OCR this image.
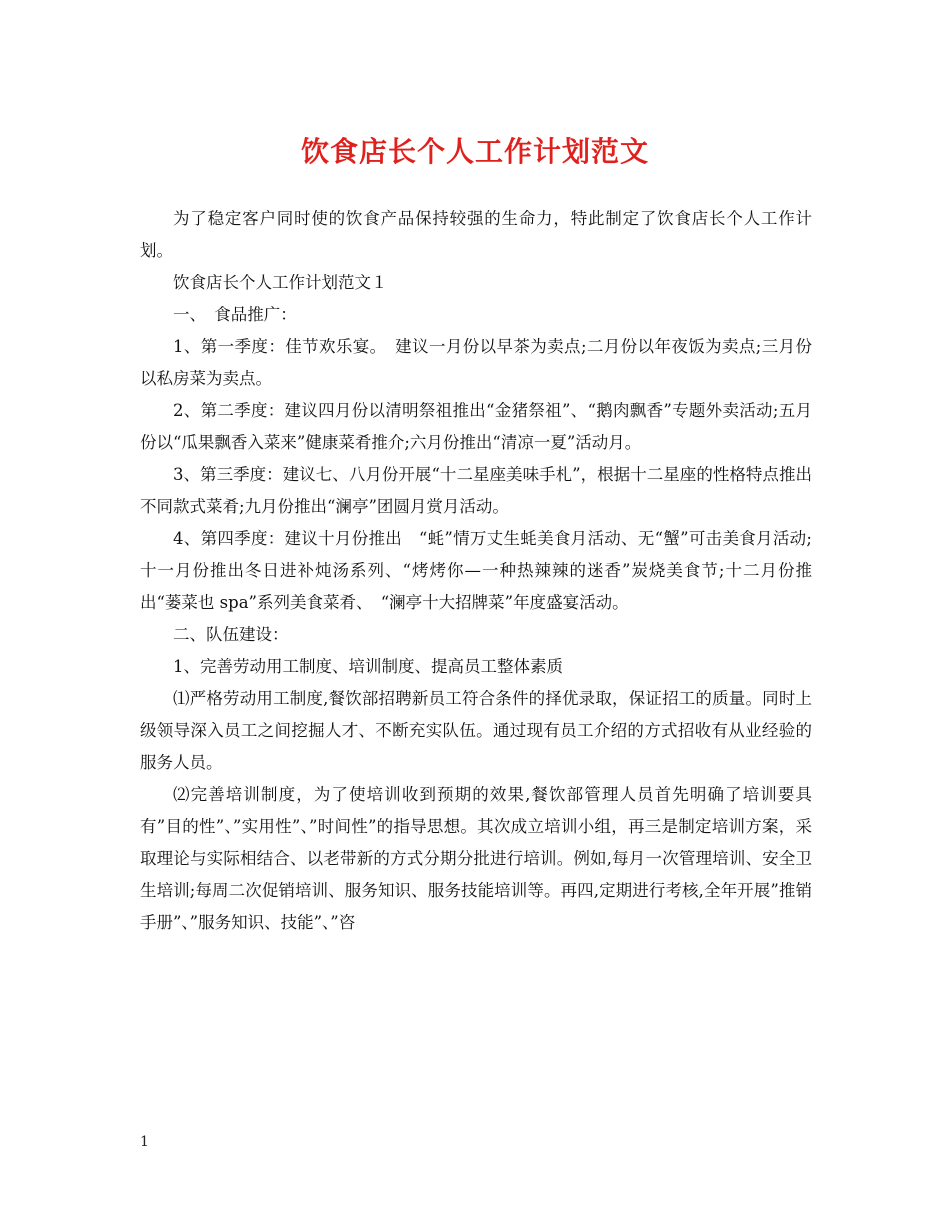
饮食店长个人工作计划范文

为了稳定客户同时使的饮食产品保持较强的生命力，特此制定了饮食店长个人工作计划。

饮食店长个人工作计划范文１

一、　食品推广：

1、第一季度：佳节欢乐宴。　建议一月份以早茶为卖点;二月份以年夜饭为卖点;三月份以私房菜为卖点。

2、第二季度：建议四月份以清明祭祖推出“金猪祭祖”、“鹅肉飘香”专题外卖活动;五月份以“瓜果飘香入菜来”健康菜肴推介;六月份推出“清凉一夏”活动月。

3、第三季度：建议七、八月份开展“十二星座美味手札”，根据十二星座的性格特点推出不同款式菜肴;九月份推出“澜亭”团圆月赏月活动。

4、第四季度：建议十月份推出　“蚝”情万丈生蚝美食月活动、无“蟹”可击美食月活动;十一月份推出冬日进补炖汤系列、“烤烤你—一种热辣辣的迷香”炭烧美食节;十二月份推出“蒌菜也 spa”系列美食菜肴、　“澜亭十大招牌菜”年度盛宴活动。

二、队伍建设：

1、完善劳动用工制度、培训制度、提高员工整体素质

⑴严格劳动用工制度,餐饮部招聘新员工符合条件的择优录取，保证招工的质量。同时上级领导深入员工之间挖掘人才、不断充实队伍。通过现有员工介绍的方式招收有从业经验的服务人员。

⑵完善培训制度，为了使培训收到预期的效果,餐饮部管理人员首先明确了培训要具有”目的性”、”实用性”、”时间性”的指导思想。其次成立培训小组，再三是制定培训方案，采取理论与实际相结合、以老带新的方式分期分批进行培训。例如,每月一次管理培训、安全卫生培训;每周二次促销培训、服务知识、服务技能培训等。再四,定期进行考核,全年开展”推销手册”、”服务知识、技能”、”咨

1
